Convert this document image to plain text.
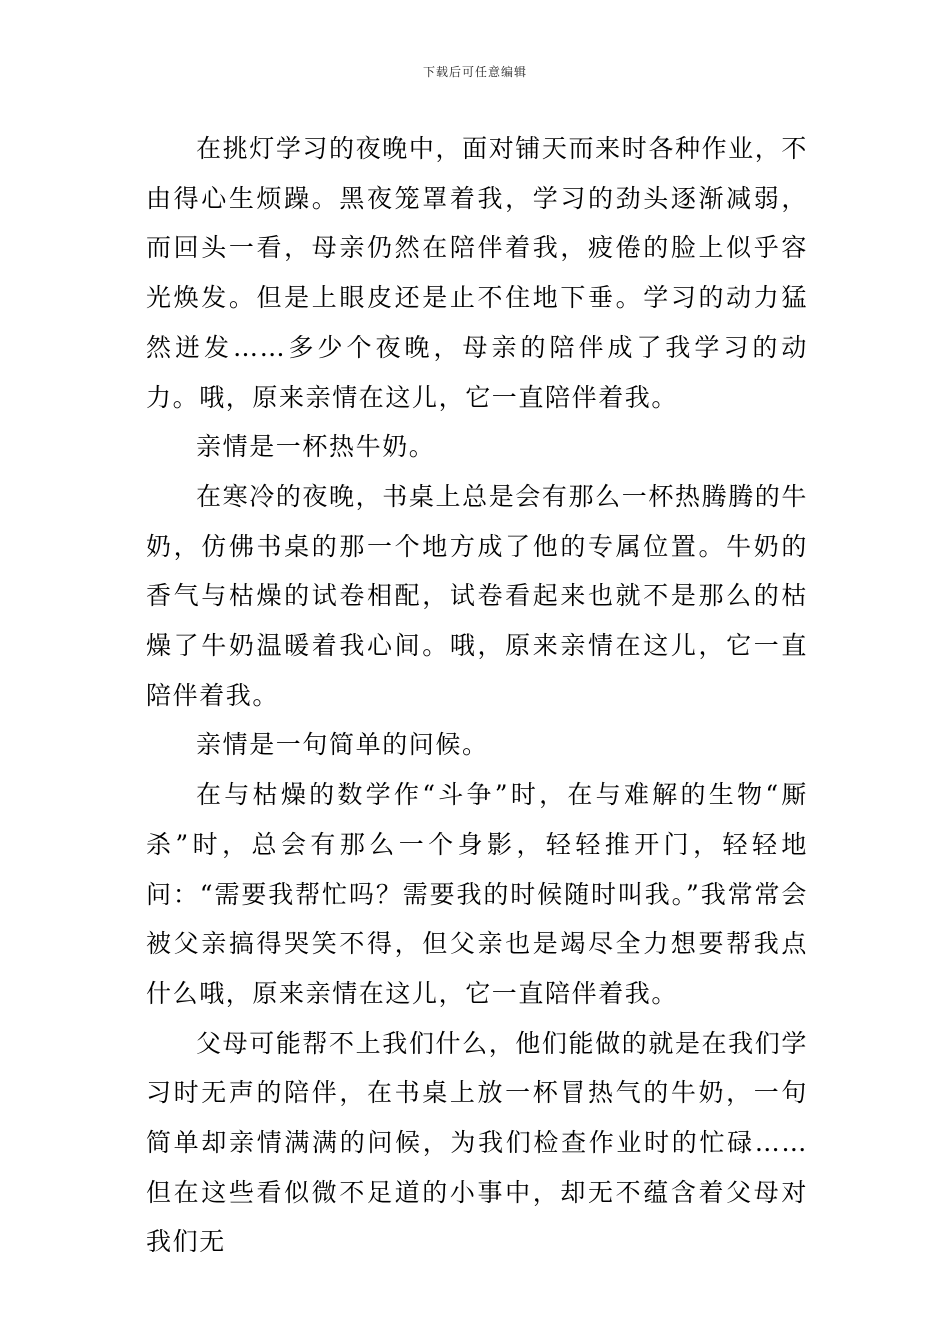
下载后可任意编辑

在挑灯学习的夜晚中，面对铺天而来时各种作业，不由得心生烦躁。黑夜笼罩着我，学习的劲头逐渐减弱，而回头一看，母亲仍然在陪伴着我，疲倦的脸上似乎容光焕发。但是上眼皮还是止不住地下垂。学习的动力猛然迸发……多少个夜晚，母亲的陪伴成了我学习的动力。哦，原来亲情在这儿，它一直陪伴着我。

亲情是一杯热牛奶。

在寒冷的夜晚，书桌上总是会有那么一杯热腾腾的牛奶，仿佛书桌的那一个地方成了他的专属位置。牛奶的香气与枯燥的试卷相配，试卷看起来也就不是那么的枯燥了牛奶温暖着我心间。哦，原来亲情在这儿，它一直陪伴着我。

亲情是一句简单的问候。

在与枯燥的数学作“斗争”时，在与难解的生物“厮杀”时，总会有那么一个身影，轻轻推开门，轻轻地问：“需要我帮忙吗？需要我的时候随时叫我。”我常常会被父亲搞得哭笑不得，但父亲也是竭尽全力想要帮我点什么哦，原来亲情在这儿，它一直陪伴着我。

父母可能帮不上我们什么，他们能做的就是在我们学习时无声的陪伴，在书桌上放一杯冒热气的牛奶，一句简单却亲情满满的问候，为我们检查作业时的忙碌……但在这些看似微不足道的小事中，却无不蕴含着父母对我们无
